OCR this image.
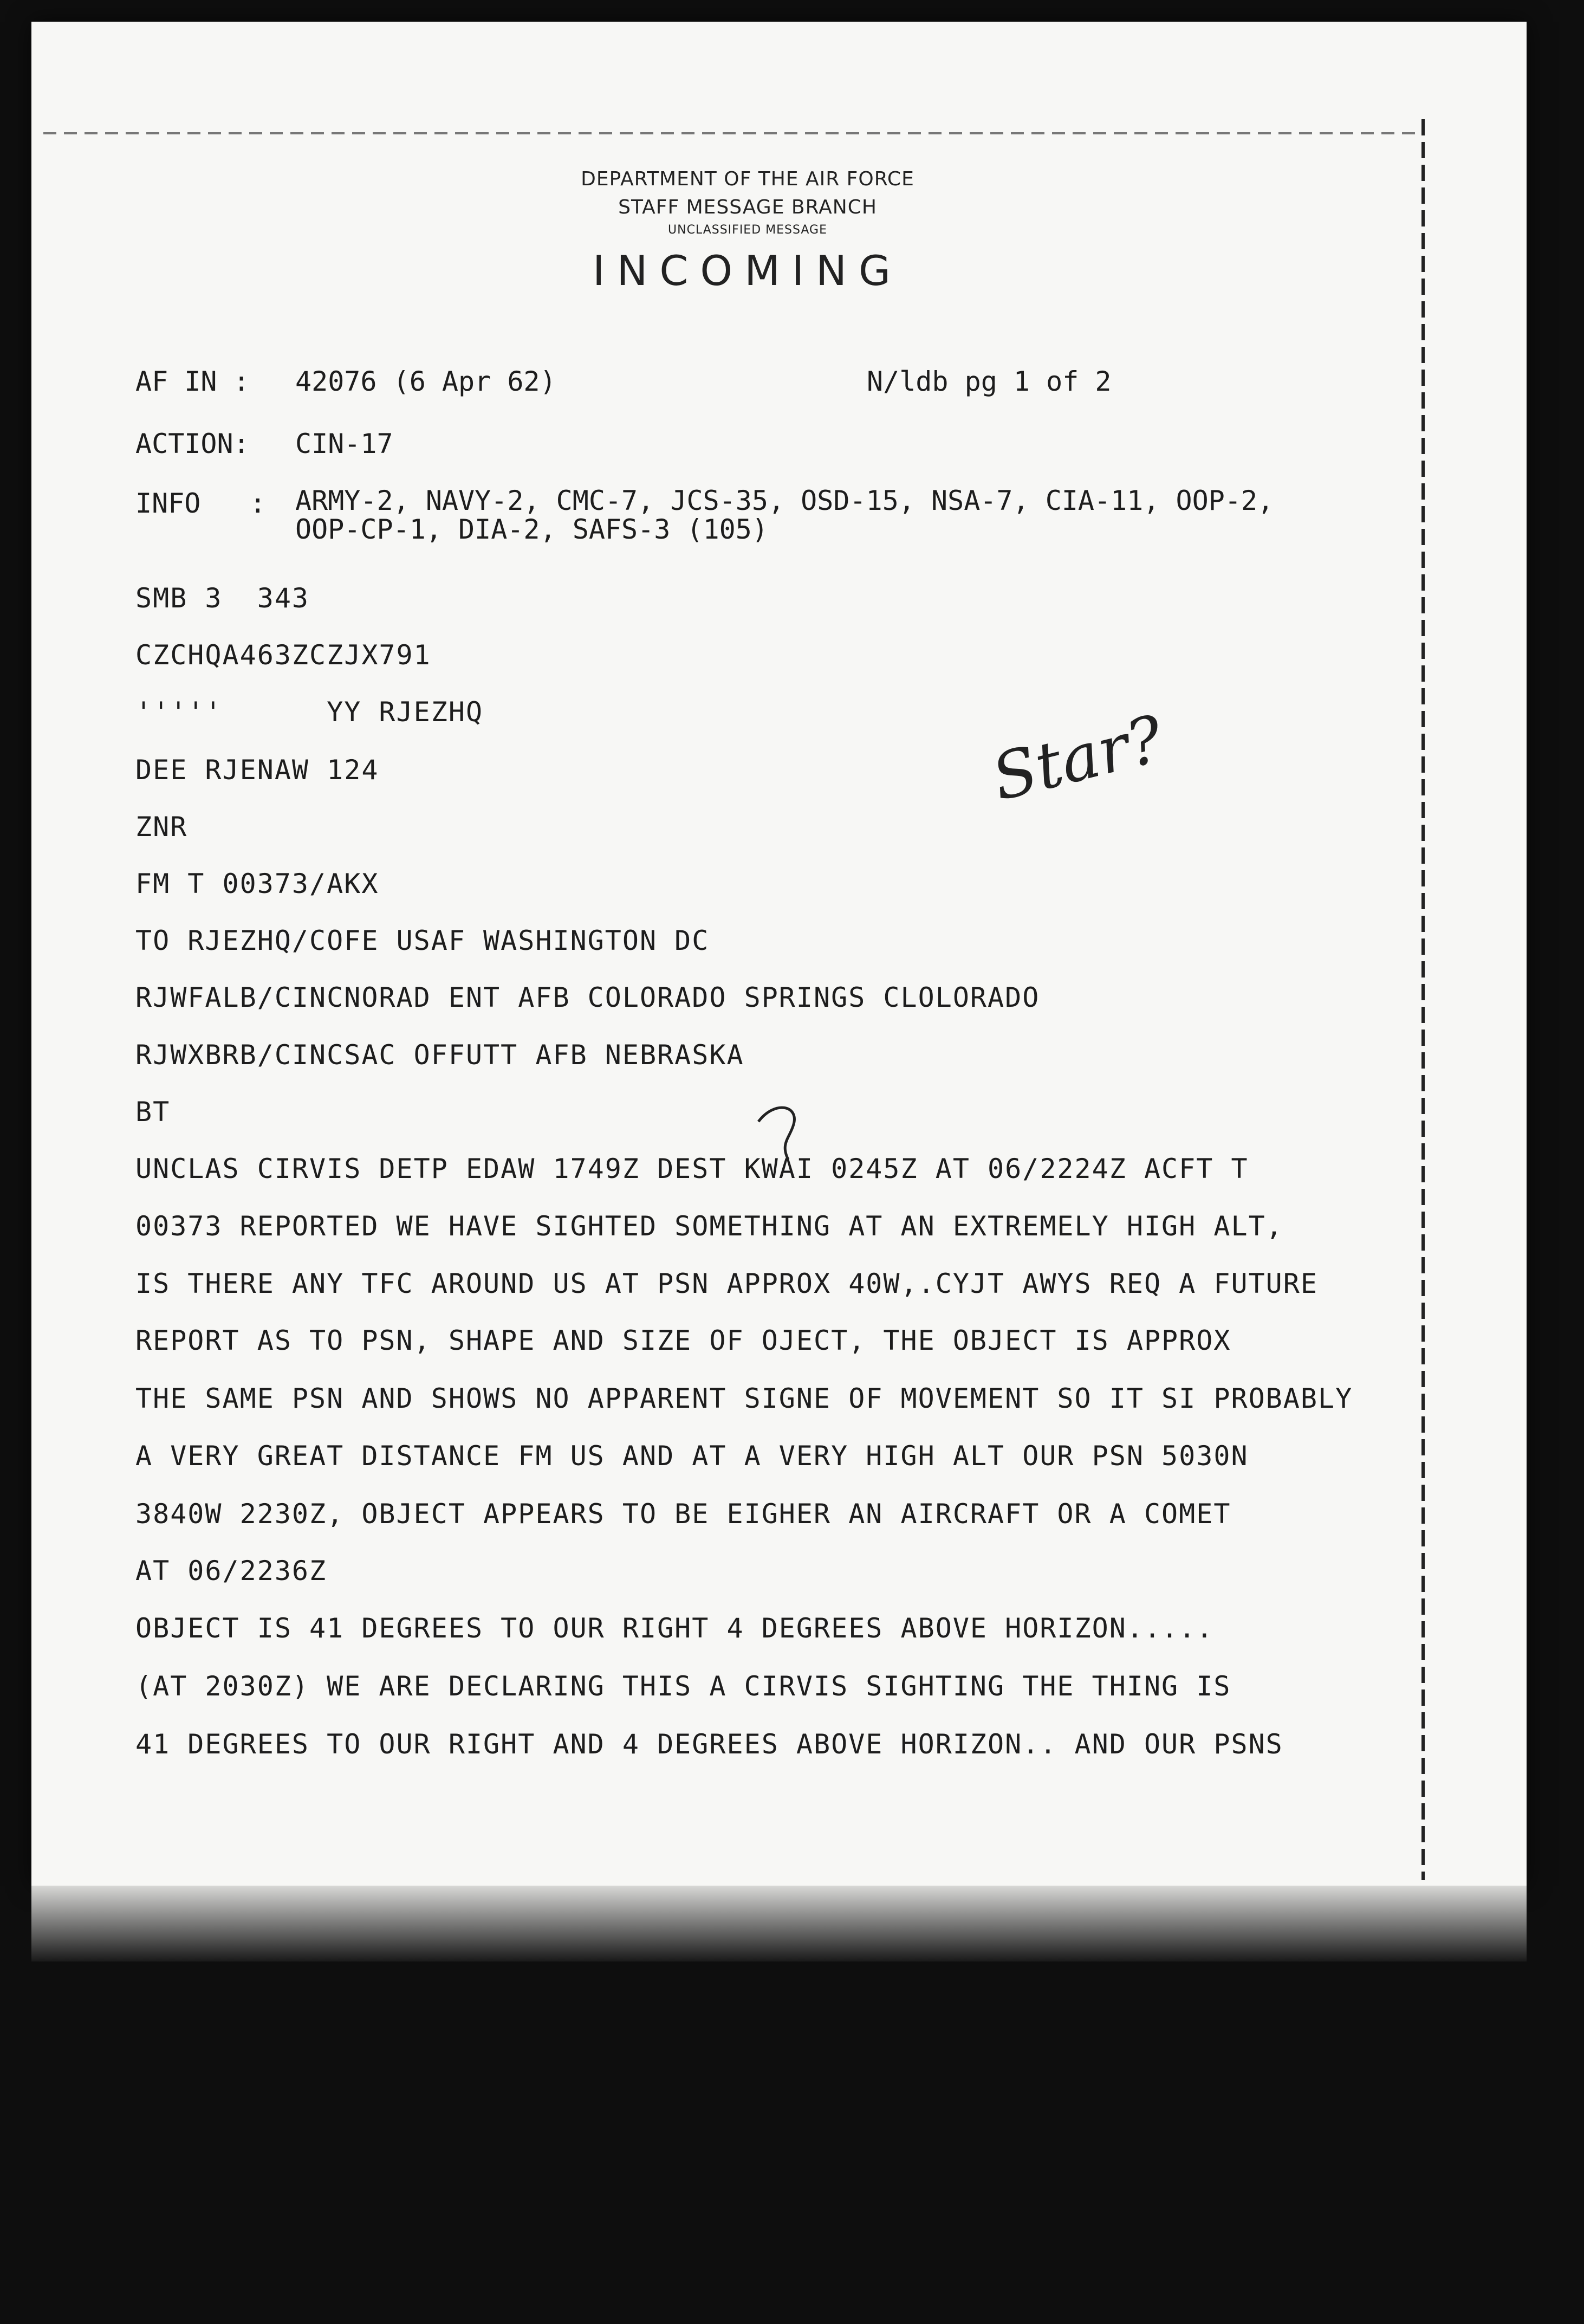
DEPARTMENT OF THE AIR FORCE
STAFF MESSAGE BRANCH
UNCLASSIFIED MESSAGE
INCOMING
AF IN : 42076 (6 Apr 62)	N/ldb pg 1 of 2
ACTION: CIN-17
INFO   : ARMY-2, NAVY-2, CMC-7, JCS-35, OSD-15, NSA-7, CIA-11, OOP-2,
OOP-CP-1, DIA-2, SAFS-3 (105)
SMB 3  343
CZCHQA463ZCZJX791
'''''      YY RJEZHQ
DEE RJENAW 124
ZNR
FM T 00373/AKX
TO RJEZHQ/COFE USAF WASHINGTON DC
RJWFALB/CINCNORAD ENT AFB COLORADO SPRINGS CLOLORADO
RJWXBRB/CINCSAC OFFUTT AFB NEBRASKA
BT
UNCLAS CIRVIS DETP EDAW 1749Z DEST KWAI 0245Z AT 06/2224Z ACFT T
00373 REPORTED WE HAVE SIGHTED SOMETHING AT AN EXTREMELY HIGH ALT,
IS THERE ANY TFC AROUND US AT PSN APPROX 40W,.CYJT AWYS REQ A FUTURE
REPORT AS TO PSN, SHAPE AND SIZE OF OJECT, THE OBJECT IS APPROX
THE SAME PSN AND SHOWS NO APPARENT SIGNE OF MOVEMENT SO IT SI PROBABLY
A VERY GREAT DISTANCE FM US AND AT A VERY HIGH ALT OUR PSN 5030N
3840W 2230Z, OBJECT APPEARS TO BE EIGHER AN AIRCRAFT OR A COMET
AT 06/2236Z
OBJECT IS 41 DEGREES TO OUR RIGHT 4 DEGREES ABOVE HORIZON.....
(AT 2030Z) WE ARE DECLARING THIS A CIRVIS SIGHTING THE THING IS
41 DEGREES TO OUR RIGHT AND 4 DEGREES ABOVE HORIZON.. AND OUR PSNS
Star?
